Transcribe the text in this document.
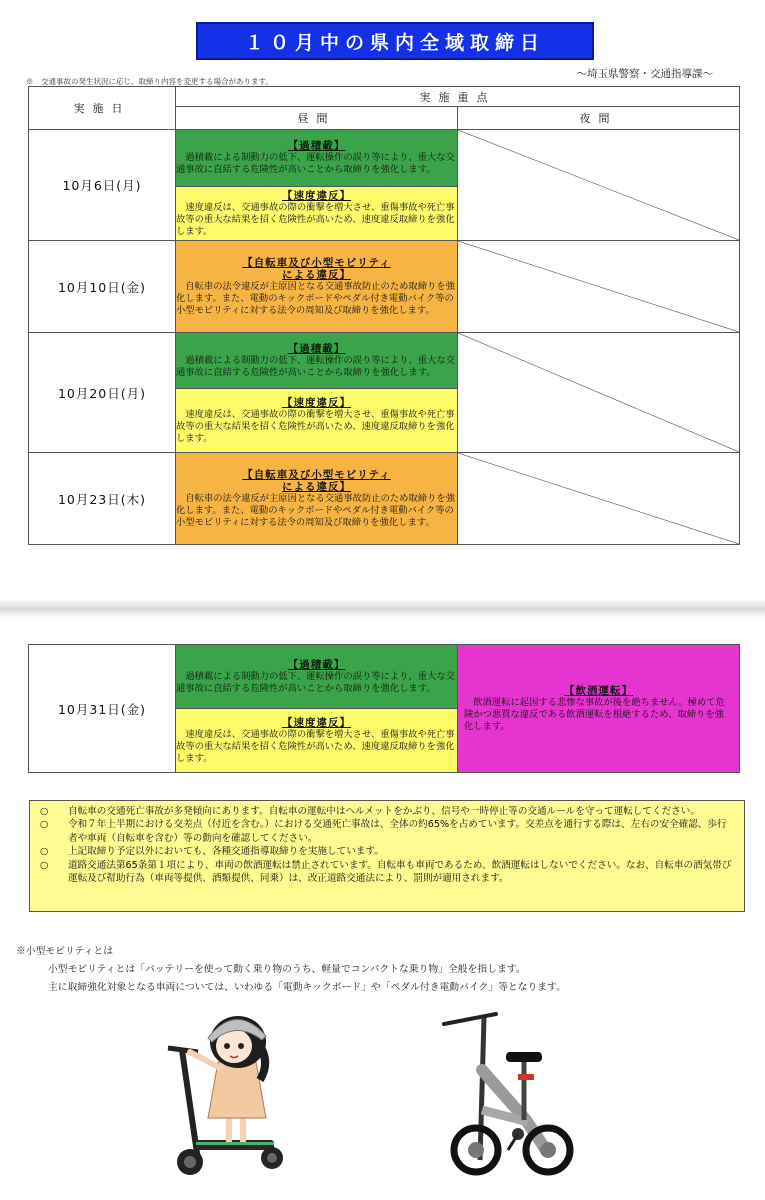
１０月中の県内全域取締日
～埼玉県警察・交通指導課～
※　交通事故の発生状況に応じ、取締り内容を変更する場合があります。
実施日	実施重点	
	昼間	夜間
10月6日(月)	【過積載】

過積載による制動力の低下、運転操作の誤り等により、重大な交通事故に直結する危険性が高いことから取締りを強化します。

	【速度違反】

速度違反は、交通事故の際の衝撃を増大させ、重傷事故や死亡事故等の重大な結果を招く危険性が高いため、速度違反取締りを強化します。	

10月10日(金)	【自転車及び小型モビリティ
による違反】

自転車の法令違反が主原因となる交通事故防止のため取締りを強化します。また、電動のキックボードやペダル付き電動バイク等の小型モビリティに対する法令の周知及び取締りを強化します。

10月20日(月)	【過積載】

過積載による制動力の低下、運転操作の誤り等により、重大な交通事故に直結する危険性が高いことから取締りを強化します。

	【速度違反】

速度違反は、交通事故の際の衝撃を増大させ、重傷事故や死亡事故等の重大な結果を招く危険性が高いため、速度違反取締りを強化します。	

10月23日(木)	【自転車及び小型モビリティ
による違反】

自転車の法令違反が主原因となる交通事故防止のため取締りを強化します。また、電動のキックボードやペダル付き電動バイク等の小型モビリティに対する法令の周知及び取締りを強化します。

10月31日(金)	
【過積載】

過積載による制動力の低下、運転操作の誤り等により、重大な交通事故に直結する危険性が高いことから取締りを強化します。	【飲酒運転】

飲酒運転に起因する悲惨な事故が後を絶ちません。極めて危険かつ悪質な違反である飲酒運転を根絶するため、取締りを強化します。

【速度違反】

速度違反は、交通事故の際の衝撃を増大させ、重傷事故や死亡事故等の重大な結果を招く危険性が高いため、速度違反取締りを強化します。

○ 自転車の交通死亡事故が多発傾向にあります。自転車の運転中はヘルメットをかぶり、信号や一時停止等の交通ルールを守って運転してください。
○ 令和７年上半期における交差点（付近を含む。）における交通死亡事故は、全体の約65%を占めています。交差点を通行する際は、左右の安全確認、歩行者や車両（自転車を含む）等の動向を確認してください。
○ 上記取締り予定以外においても、各種交通指導取締りを実施しています。
○ 道路交通法第65条第１項により、車両の飲酒運転は禁止されています。自転車も車両であるため、飲酒運転はしないでください。なお、自転車の酒気帯び運転及び幇助行為（車両等提供、酒類提供、同乗）は、改正道路交通法により、罰則が適用されます。
※小型モビリティとは
小型モビリティとは「バッテリーを使って動く乗り物のうち、軽量でコンパクトな乗り物」全般を指します。
主に取締強化対象となる車両については、いわゆる「電動キックボード」や「ペダル付き電動バイク」等となります。
